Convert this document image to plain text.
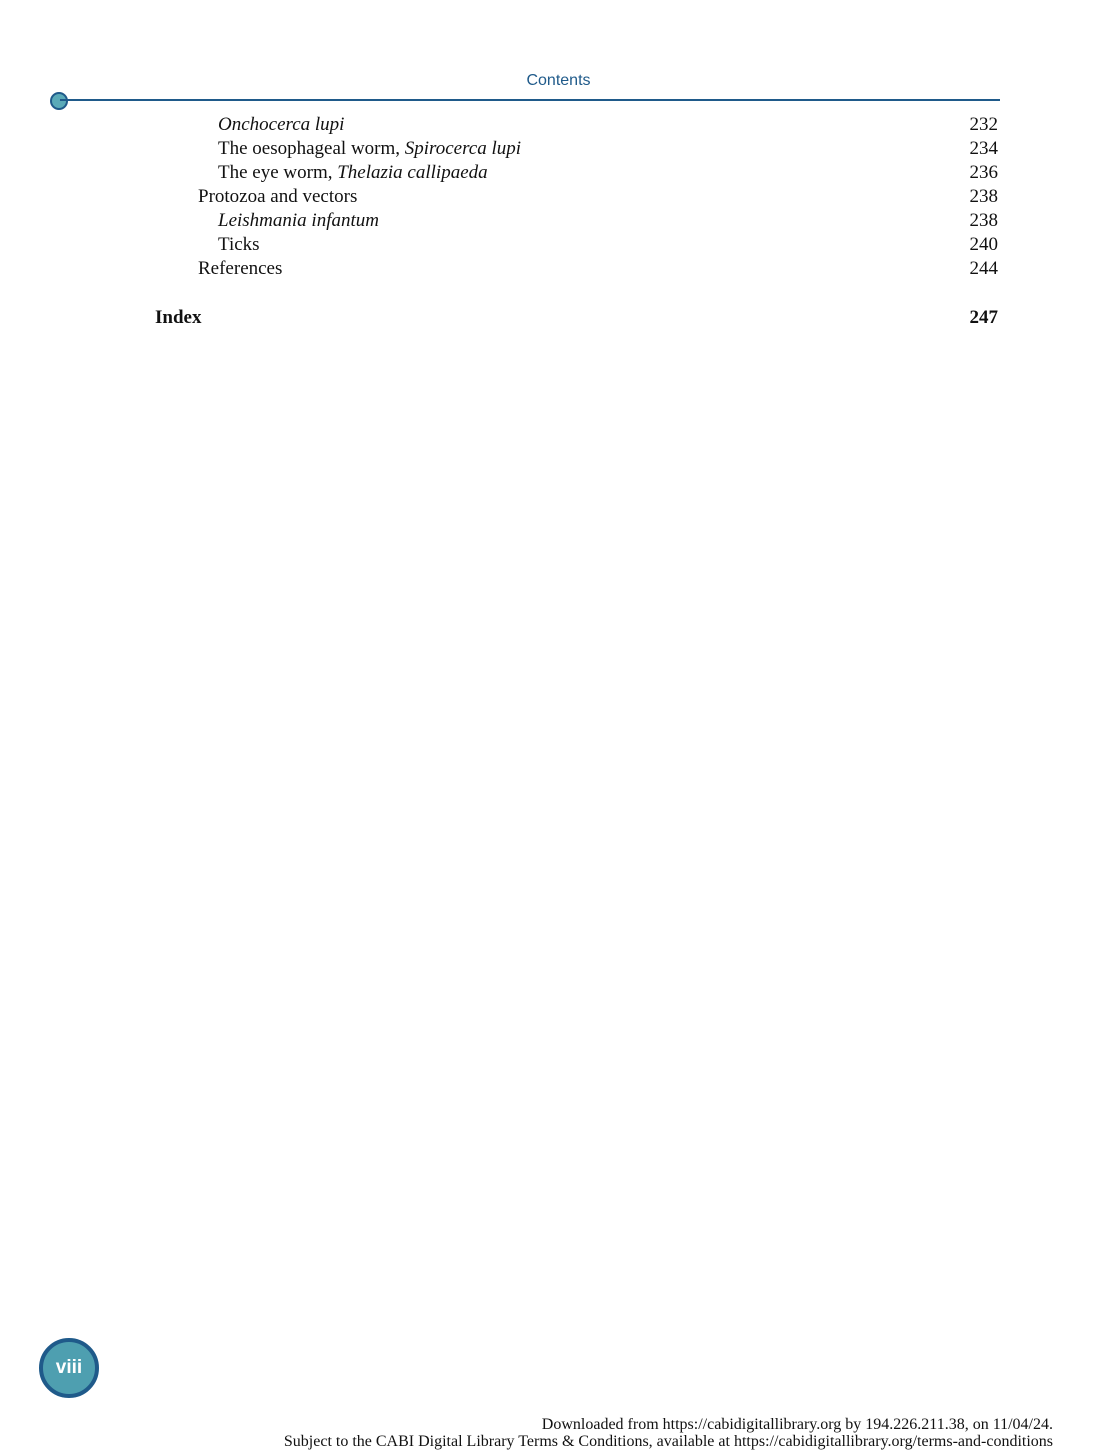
Contents
Onchocerca lupi	232
The oesophageal worm, Spirocerca lupi	234
The eye worm, Thelazia callipaeda	236
Protozoa and vectors	238
Leishmania infantum	238
Ticks	240
References	244
Index	247
viii
Downloaded from https://cabidigitallibrary.org by 194.226.211.38, on 11/04/24.
Subject to the CABI Digital Library Terms & Conditions, available at https://cabidigitallibrary.org/terms-and-conditions
